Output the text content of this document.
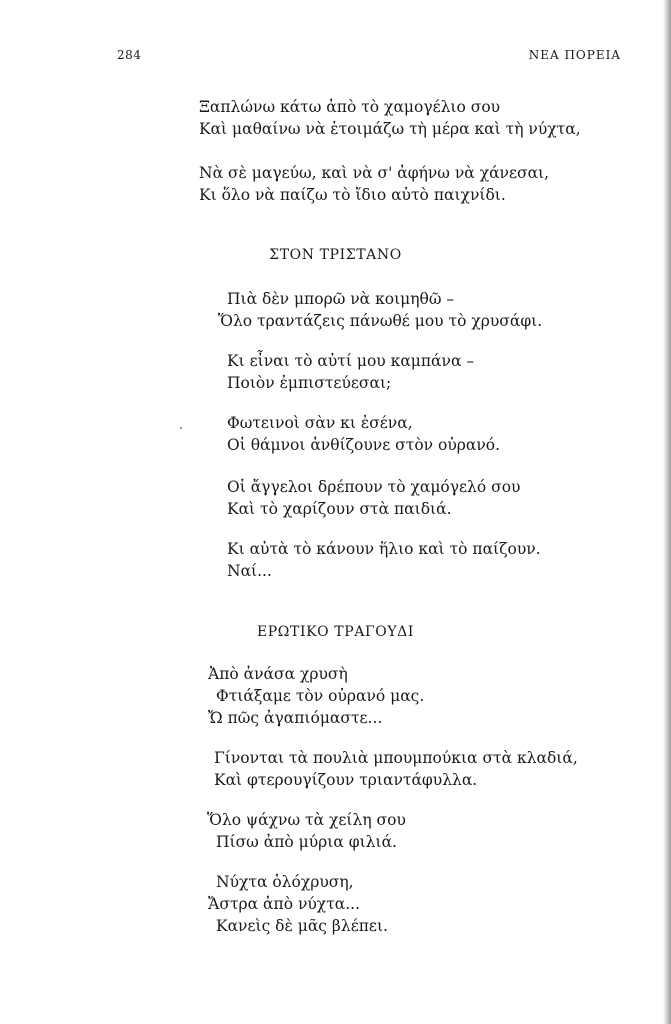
284	ΝΕΑ ΠΟΡΕΙΑ
Ξαπλώνω κάτω ἀπὸ τὸ χαμογέλιο σου
Καὶ μαθαίνω νὰ ἑτοιμάζω τὴ μέρα καὶ τὴ νύχτα,
Νὰ σὲ μαγεύω, καὶ νὰ σ' ἀφήνω νὰ χάνεσαι,
Κι ὅλο νὰ παίζω τὸ ἴδιο αὐτὸ παιχνίδι.
ΣΤΟΝ ΤΡΙΣΤΑΝΟ
Πιὰ δὲν μπορῶ νὰ κοιμηθῶ –
Ὅλο τραντάζεις πάνωθέ μου τὸ χρυσάφι.
Κι εἶναι τὸ αὐτί μου καμπάνα –
Ποιὸν ἐμπιστεύεσαι;
Φωτεινοὶ σὰν κι ἐσένα,
Οἱ θάμνοι ἀνθίζουνε στὸν οὐρανό.
Οἱ ἄγγελοι δρέπουν τὸ χαμόγελό σου
Καὶ τὸ χαρίζουν στὰ παιδιά.
Κι αὐτὰ τὸ κάνουν ἥλιο καὶ τὸ παίζουν.
Ναί...
ΕΡΩΤΙΚΟ ΤΡΑΓΟΥΔΙ
Ἀπὸ ἀνάσα χρυσὴ
Φτιάξαμε τὸν οὐρανό μας.
Ὤ πῶς ἀγαπιόμαστε...
Γίνονται τὰ πουλιὰ μπουμπούκια στὰ κλαδιά,
Καὶ φτερουγίζουν τριαντάφυλλα.
Ὅλο ψάχνω τὰ χείλη σου
Πίσω ἀπὸ μύρια φιλιά.
Νύχτα ὁλόχρυση,
Ἄστρα ἀπὸ νύχτα...
Κανεὶς δὲ μᾶς βλέπει.
